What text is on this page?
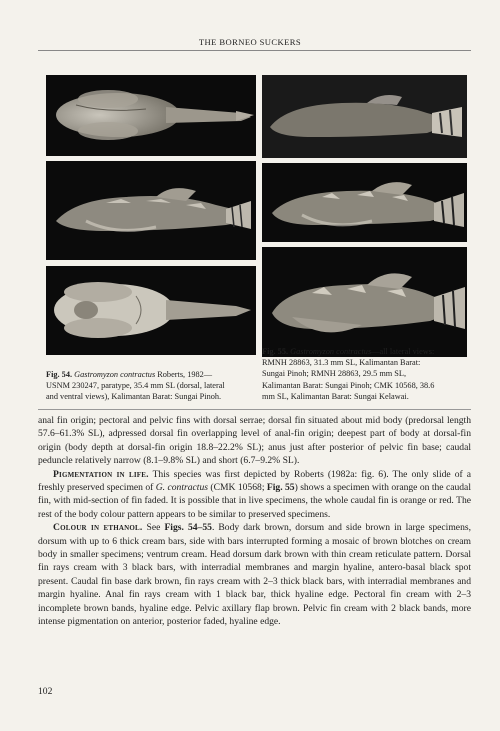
THE BORNEO SUCKERS
Fig. 54. Gastromyzon contractus Roberts, 1982—
USNM 230247, paratype, 35.4 mm SL (dorsal, lateral
and ventral views), Kalimantan Barat: Sungai Pinoh.
Fig. 55. Gastromyzon contractus—all lateral views:
RMNH 28863, 31.3 mm SL, Kalimantan Barat:
Sungai Pinoh; RMNH 28863, 29.5 mm SL,
Kalimantan Barat: Sungai Pinoh; CMK 10568, 38.6
mm SL, Kalimantan Barat: Sungai Kelawai.

anal fin origin; pectoral and pelvic fins with dorsal serrae; dorsal fin situated about mid body (predorsal length 57.6–61.3% SL), adpressed dorsal fin overlapping level of anal-fin origin; deepest part of body at dorsal-fin origin (body depth at dorsal-fin origin 18.8–22.2% SL); anus just after posterior of pelvic fin base; caudal peduncle relatively narrow (8.1–9.8% SL) and short (6.7–9.2% SL).

Pigmentation in life. This species was first depicted by Roberts (1982a: fig. 6). The only slide of a freshly preserved specimen of G. contractus (CMK 10568; Fig. 55) shows a specimen with orange on the caudal fin, with mid-section of fin faded. It is possible that in live specimens, the whole caudal fin is orange or red. The rest of the body colour pattern appears to be similar to preserved specimens.

Colour in ethanol. See Figs. 54–55. Body dark brown, dorsum and side brown in large specimens, dorsum with up to 6 thick cream bars, side with bars interrupted forming a mosaic of brown blotches on cream body in smaller specimens; ventrum cream. Head dorsum dark brown with thin cream reticulate pattern. Dorsal fin rays cream with 3 black bars, with interradial membranes and margin hyaline, antero-basal black spot present. Caudal fin base dark brown, fin rays cream with 2–3 thick black bars, with interradial membranes and margin hyaline. Anal fin rays cream with 1 black bar, thick hyaline edge. Pectoral fin cream with 2–3 incomplete brown bands, hyaline edge. Pelvic axillary flap brown. Pelvic fin cream with 2 black bands, more intense pigmentation on anterior, posterior faded, hyaline edge.

102
